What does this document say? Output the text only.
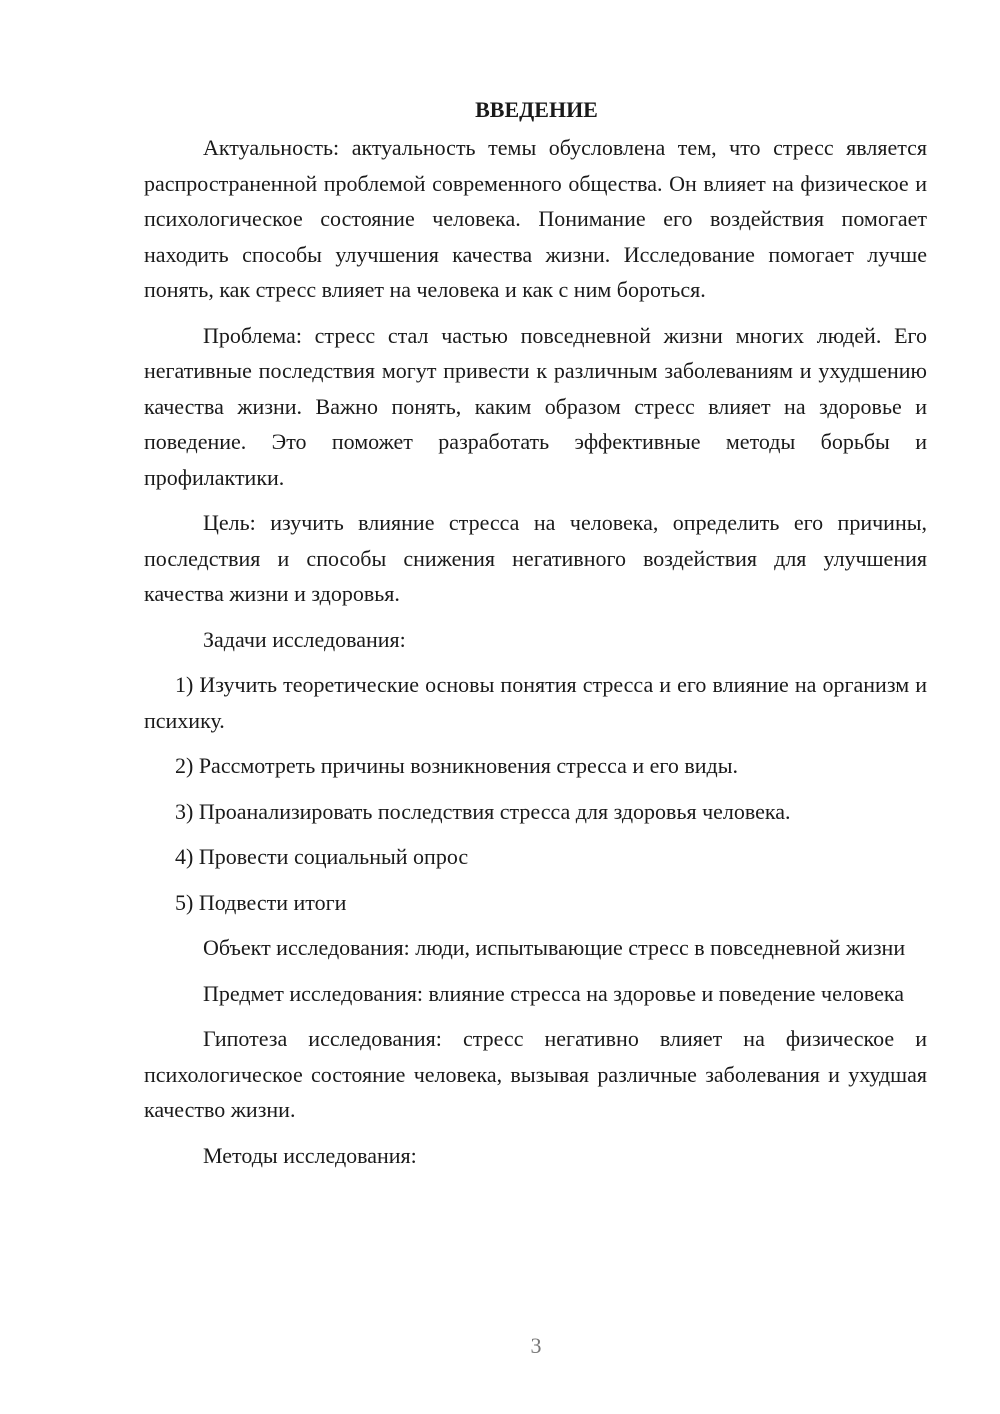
ВВЕДЕНИЕ

Актуальность: актуальность темы обусловлена тем, что стресс является распространенной проблемой современного общества. Он влияет на физическое и психологическое состояние человека. Понимание его воздействия помогает находить способы улучшения качества жизни. Исследование помогает лучше понять, как стресс влияет на человека и как с ним бороться.

Проблема: стресс стал частью повседневной жизни многих людей. Его негативные последствия могут привести к различным заболеваниям и ухудшению качества жизни. Важно понять, каким образом стресс влияет на здоровье и поведение. Это поможет разработать эффективные методы борьбы и профилактики.

Цель: изучить влияние стресса на человека, определить его причины, последствия и способы снижения негативного воздействия для улучшения качества жизни и здоровья.

Задачи исследования:

1) Изучить теоретические основы понятия стресса и его влияние на организм и психику.

2) Рассмотреть причины возникновения стресса и его виды.

3) Проанализировать последствия стресса для здоровья человека.

4) Провести социальный опрос

5) Подвести итоги

Объект исследования: люди, испытывающие стресс в повседневной жизни

Предмет исследования: влияние стресса на здоровье и поведение человека

Гипотеза исследования: стресс негативно влияет на физическое и психологическое состояние человека, вызывая различные заболевания и ухудшая качество жизни.

Методы исследования:

3
